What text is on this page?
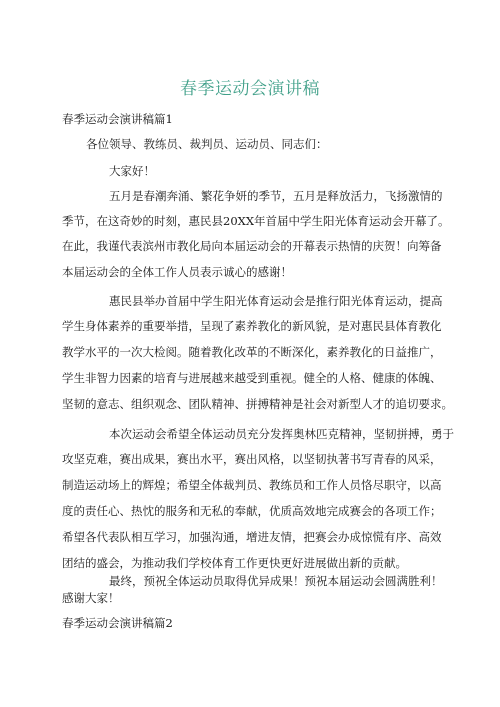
春季运动会演讲稿
春季运动会演讲稿篇1
各位领导、教练员、裁判员、运动员、同志们：
大家好！
五月是春潮奔涌、繁花争妍的季节，五月是释放活力，飞扬激情的
季节，在这奇妙的时刻，惠民县20XX年首届中学生阳光体育运动会开幕了。
在此，我谨代表滨州市教化局向本届运动会的开幕表示热情的庆贺！向筹备
本届运动会的全体工作人员表示诚心的感谢！
惠民县举办首届中学生阳光体育运动会是推行阳光体育运动，提高
学生身体素养的重要举措，呈现了素养教化的新风貌，是对惠民县体育教化
教学水平的一次大检阅。随着教化改革的不断深化，素养教化的日益推广，
学生非智力因素的培育与进展越来越受到重视。健全的人格、健康的体魄、
坚韧的意志、组织观念、团队精神、拼搏精神是社会对新型人才的追切要求。
本次运动会希望全体运动员充分发挥奥林匹克精神，坚韧拼搏，勇于
攻坚克难，赛出成果，赛出水平，赛出风格，以坚韧执著书写青春的风采，
制造运动场上的辉煌；希望全体裁判员、教练员和工作人员恪尽职守，以高
度的责任心、热忱的服务和无私的奉献，优质高效地完成赛会的各项工作；
希望各代表队相互学习，加强沟通，增进友情，把赛会办成惊慌有序、高效
团结的盛会，为推动我们学校体育工作更快更好进展做出新的贡献。
最终，预祝全体运动员取得优异成果！预祝本届运动会圆满胜利！
感谢大家！
春季运动会演讲稿篇2
